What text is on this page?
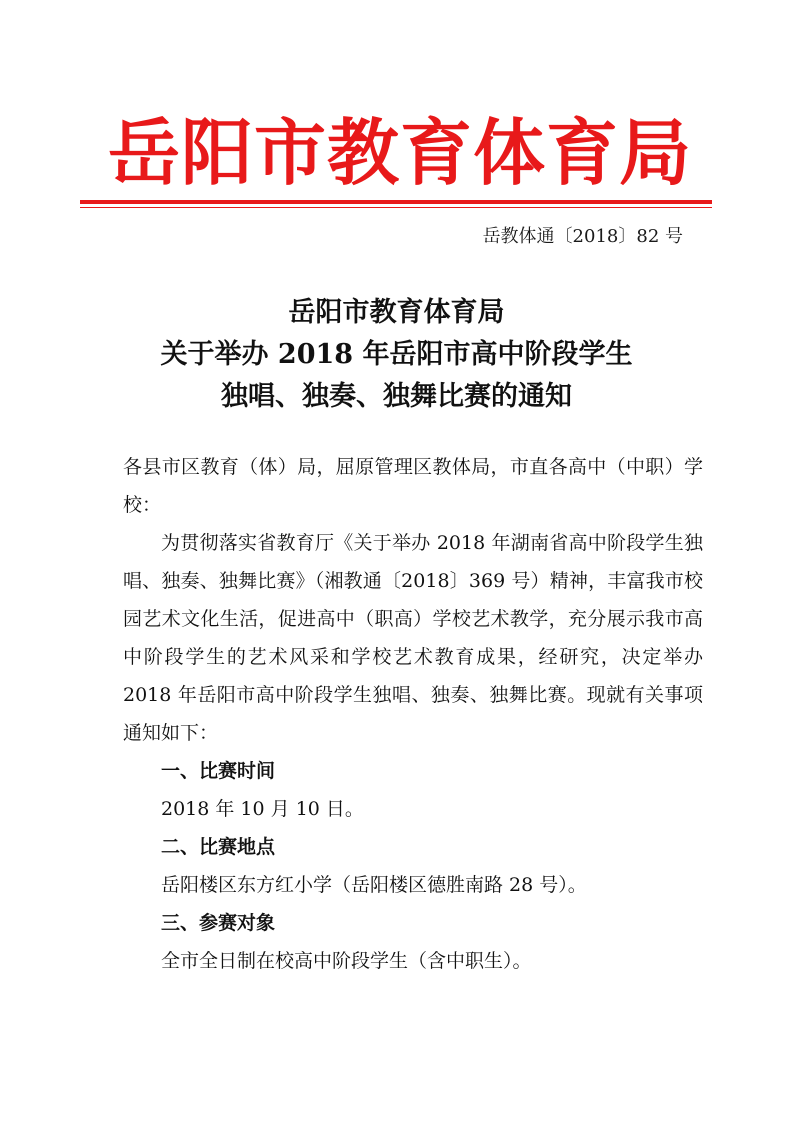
岳阳市教育体育局
岳教体通〔2018〕82 号
岳阳市教育体育局
关于举办 2018 年岳阳市高中阶段学生
独唱、独奏、独舞比赛的通知

各县市区教育（体）局，屈原管理区教体局，市直各高中（中职）学校：

为贯彻落实省教育厅《关于举办 2018 年湖南省高中阶段学生独唱、独奏、独舞比赛》（湘教通〔2018〕369 号）精神，丰富我市校园艺术文化生活，促进高中（职高）学校艺术教学，充分展示我市高中阶段学生的艺术风采和学校艺术教育成果，经研究，决定举办 2018 年岳阳市高中阶段学生独唱、独奏、独舞比赛。现就有关事项通知如下：

一、比赛时间

2018 年 10 月 10 日。

二、比赛地点

岳阳楼区东方红小学（岳阳楼区德胜南路 28 号）。

三、参赛对象

全市全日制在校高中阶段学生（含中职生）。
